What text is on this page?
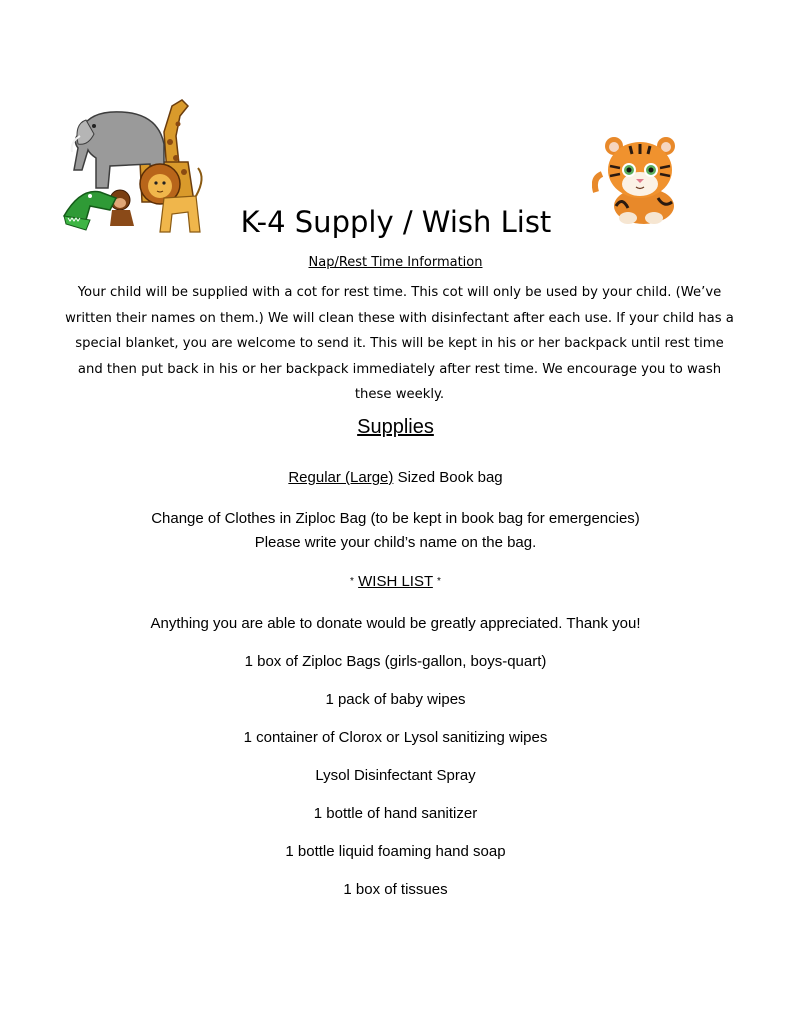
K-4 Supply / Wish List
Nap/Rest Time Information
Your child will be supplied with a cot for rest time. This cot will only be used by your child. (We’ve written their names on them.) We will clean these with disinfectant after each use. If your child has a special blanket, you are welcome to send it. This will be kept in his or her backpack until rest time and then put back in his or her backpack immediately after rest time. We encourage you to wash these weekly.
Supplies
Regular (Large) Sized Book bag
Change of Clothes in Ziploc Bag (to be kept in book bag for emergencies)
Please write your child’s name on the bag.
* WISH LIST *
Anything you are able to donate would be greatly appreciated. Thank you!
1 box of Ziploc Bags (girls-gallon, boys-quart)
1 pack of baby wipes
1 container of Clorox or Lysol sanitizing wipes
Lysol Disinfectant Spray
1 bottle of hand sanitizer
1 bottle liquid foaming hand soap
1 box of tissues
